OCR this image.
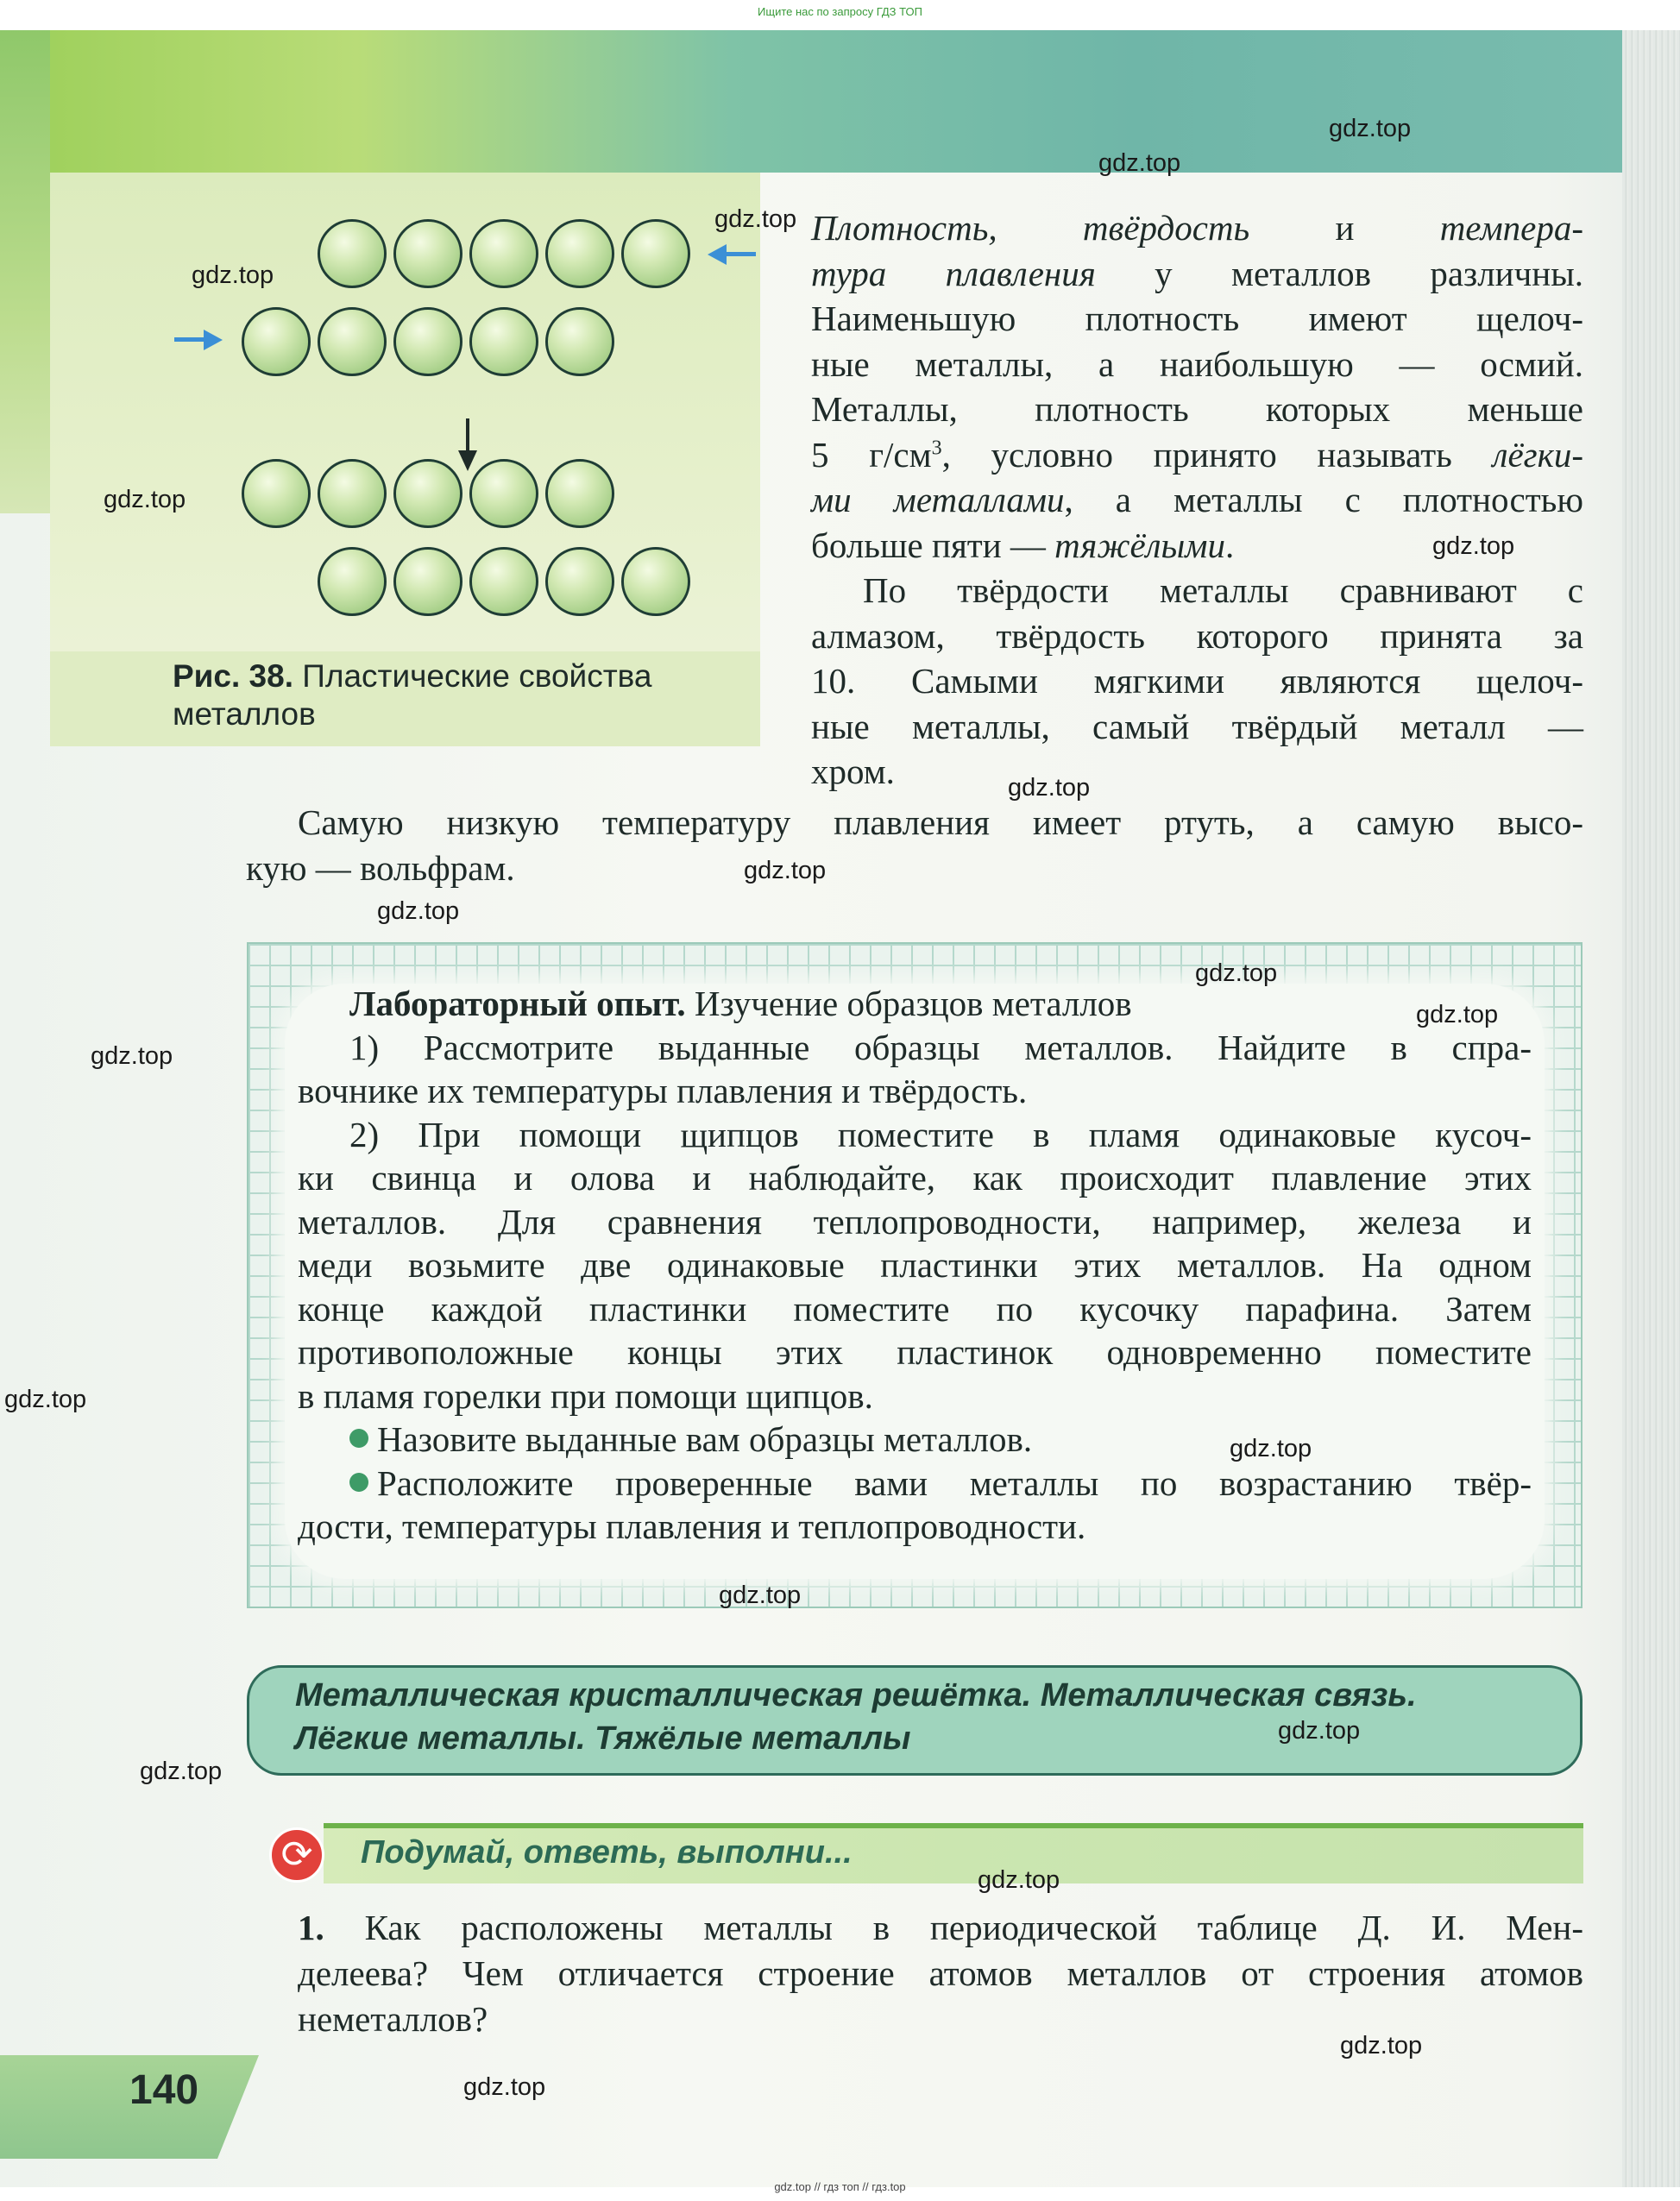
Ищите нас по запросу ГДЗ ТОП
Рис. 38. Пластические свойства
металлов
Плотность, твёрдость и темпера-
тура плавления у металлов различны.
Наименьшую плотность имеют щелоч-
ные металлы, а наибольшую — осмий.
Металлы, плотность которых меньше
5 $г/см^3$, условно принято называть лёгки-
ми металлами, а металлы с плотностью
больше пяти — тяжёлыми.
По твёрдости металлы сравнивают с
алмазом, твёрдость которого принята за
10. Самыми мягкими являются щелоч-
ные металлы, самый твёрдый металл —
хром.
Самую низкую температуру плавления имеет ртуть, а самую высо-
кую — вольфрам.
Лабораторный опыт. Изучение образцов металлов
1) Рассмотрите выданные образцы металлов. Найдите в спра-
вочнике их температуры плавления и твёрдость.
2) При помощи щипцов поместите в пламя одинаковые кусоч-
ки свинца и олова и наблюдайте, как происходит плавление этих
металлов. Для сравнения теплопроводности, например, железа и
меди возьмите две одинаковые пластинки этих металлов. На одном
конце каждой пластинки поместите по кусочку парафина. Затем
противоположные концы этих пластинок одновременно поместите
в пламя горелки при помощи щипцов.
Назовите выданные вам образцы металлов.
Расположите проверенные вами металлы по возрастанию твёр-
дости, температуры плавления и теплопроводности.
Металлическая кристаллическая решётка. Металлическая связь.
Лёгкие металлы. Тяжёлые металлы
⟳	Подумай, ответь, выполни...
1. Как расположены металлы в периодической таблице Д. И. Мен-
делеева? Чем отличается строение атомов металлов от строения атомов
неметаллов?
140
gdz.top
gdz.top
gdz.top
gdz.top
gdz.top
gdz.top
gdz.top
gdz.top
gdz.top
gdz.top
gdz.top
gdz.top
gdz.top
gdz.top
gdz.top
gdz.top
gdz.top
gdz.top
gdz.top
gdz.top
gdz.top // гдз топ // гдз.top
